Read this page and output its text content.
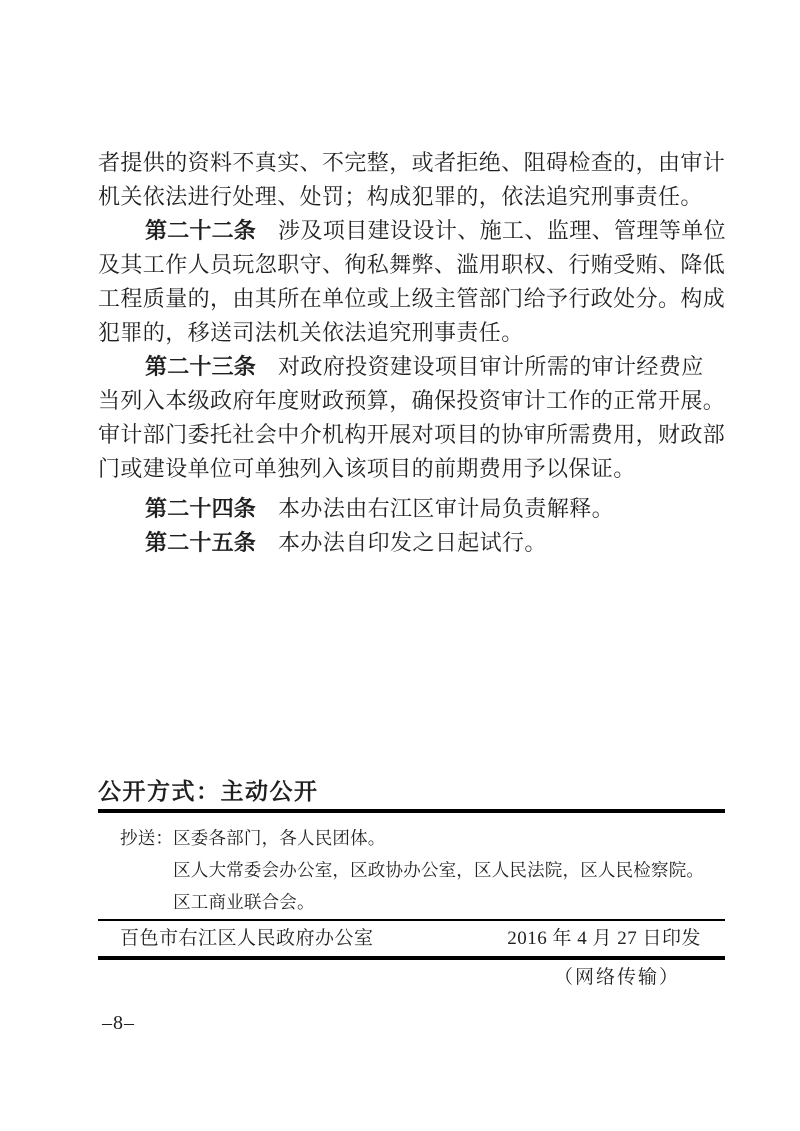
者提供的资料不真实、不完整，或者拒绝、阻碍检查的，由审计
机关依法进行处理、处罚；构成犯罪的，依法追究刑事责任。
第二十二条 涉及项目建设设计、施工、监理、管理等单位
及其工作人员玩忽职守、徇私舞弊、滥用职权、行贿受贿、降低
工程质量的，由其所在单位或上级主管部门给予行政处分。构成
犯罪的，移送司法机关依法追究刑事责任。
第二十三条 对政府投资建设项目审计所需的审计经费应
当列入本级政府年度财政预算，确保投资审计工作的正常开展。
审计部门委托社会中介机构开展对项目的协审所需费用，财政部
门或建设单位可单独列入该项目的前期费用予以保证。
第二十四条 本办法由右江区审计局负责解释。
第二十五条 本办法自印发之日起试行。
公开方式：主动公开
抄送： 区委各部门，各人民团体。
区人大常委会办公室，区政协办公室，区人民法院，区人民检察院。
区工商业联合会。
百色市右江区人民政府办公室	2016 年 4 月 27 日印发
（网络传输）
–8–
